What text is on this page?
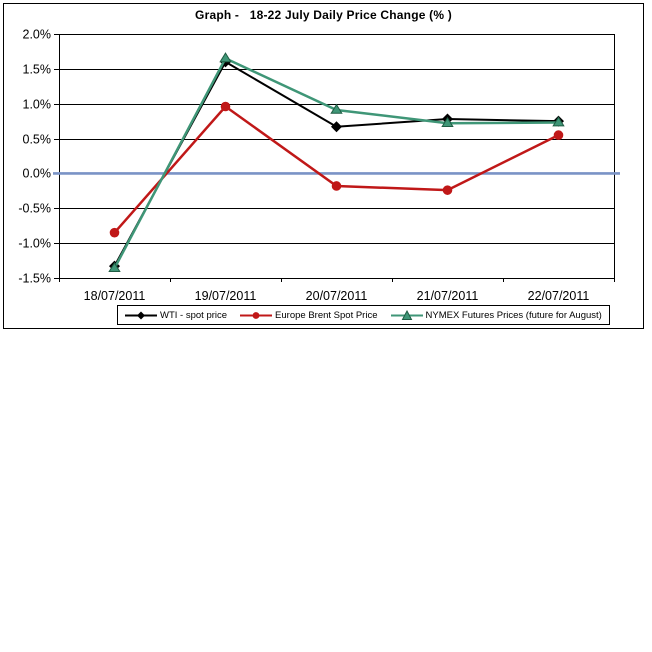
Graph -   18-22 July Daily Price Change (% )
2.0%
1.5%
1.0%
0.5%
0.0%
-0.5%
-1.0%
-1.5%
18/07/2011	19/07/2011	20/07/2011	21/07/2011	22/07/2011
WTI - spot price	Europe Brent Spot Price	NYMEX Futures Prices (future for August)
